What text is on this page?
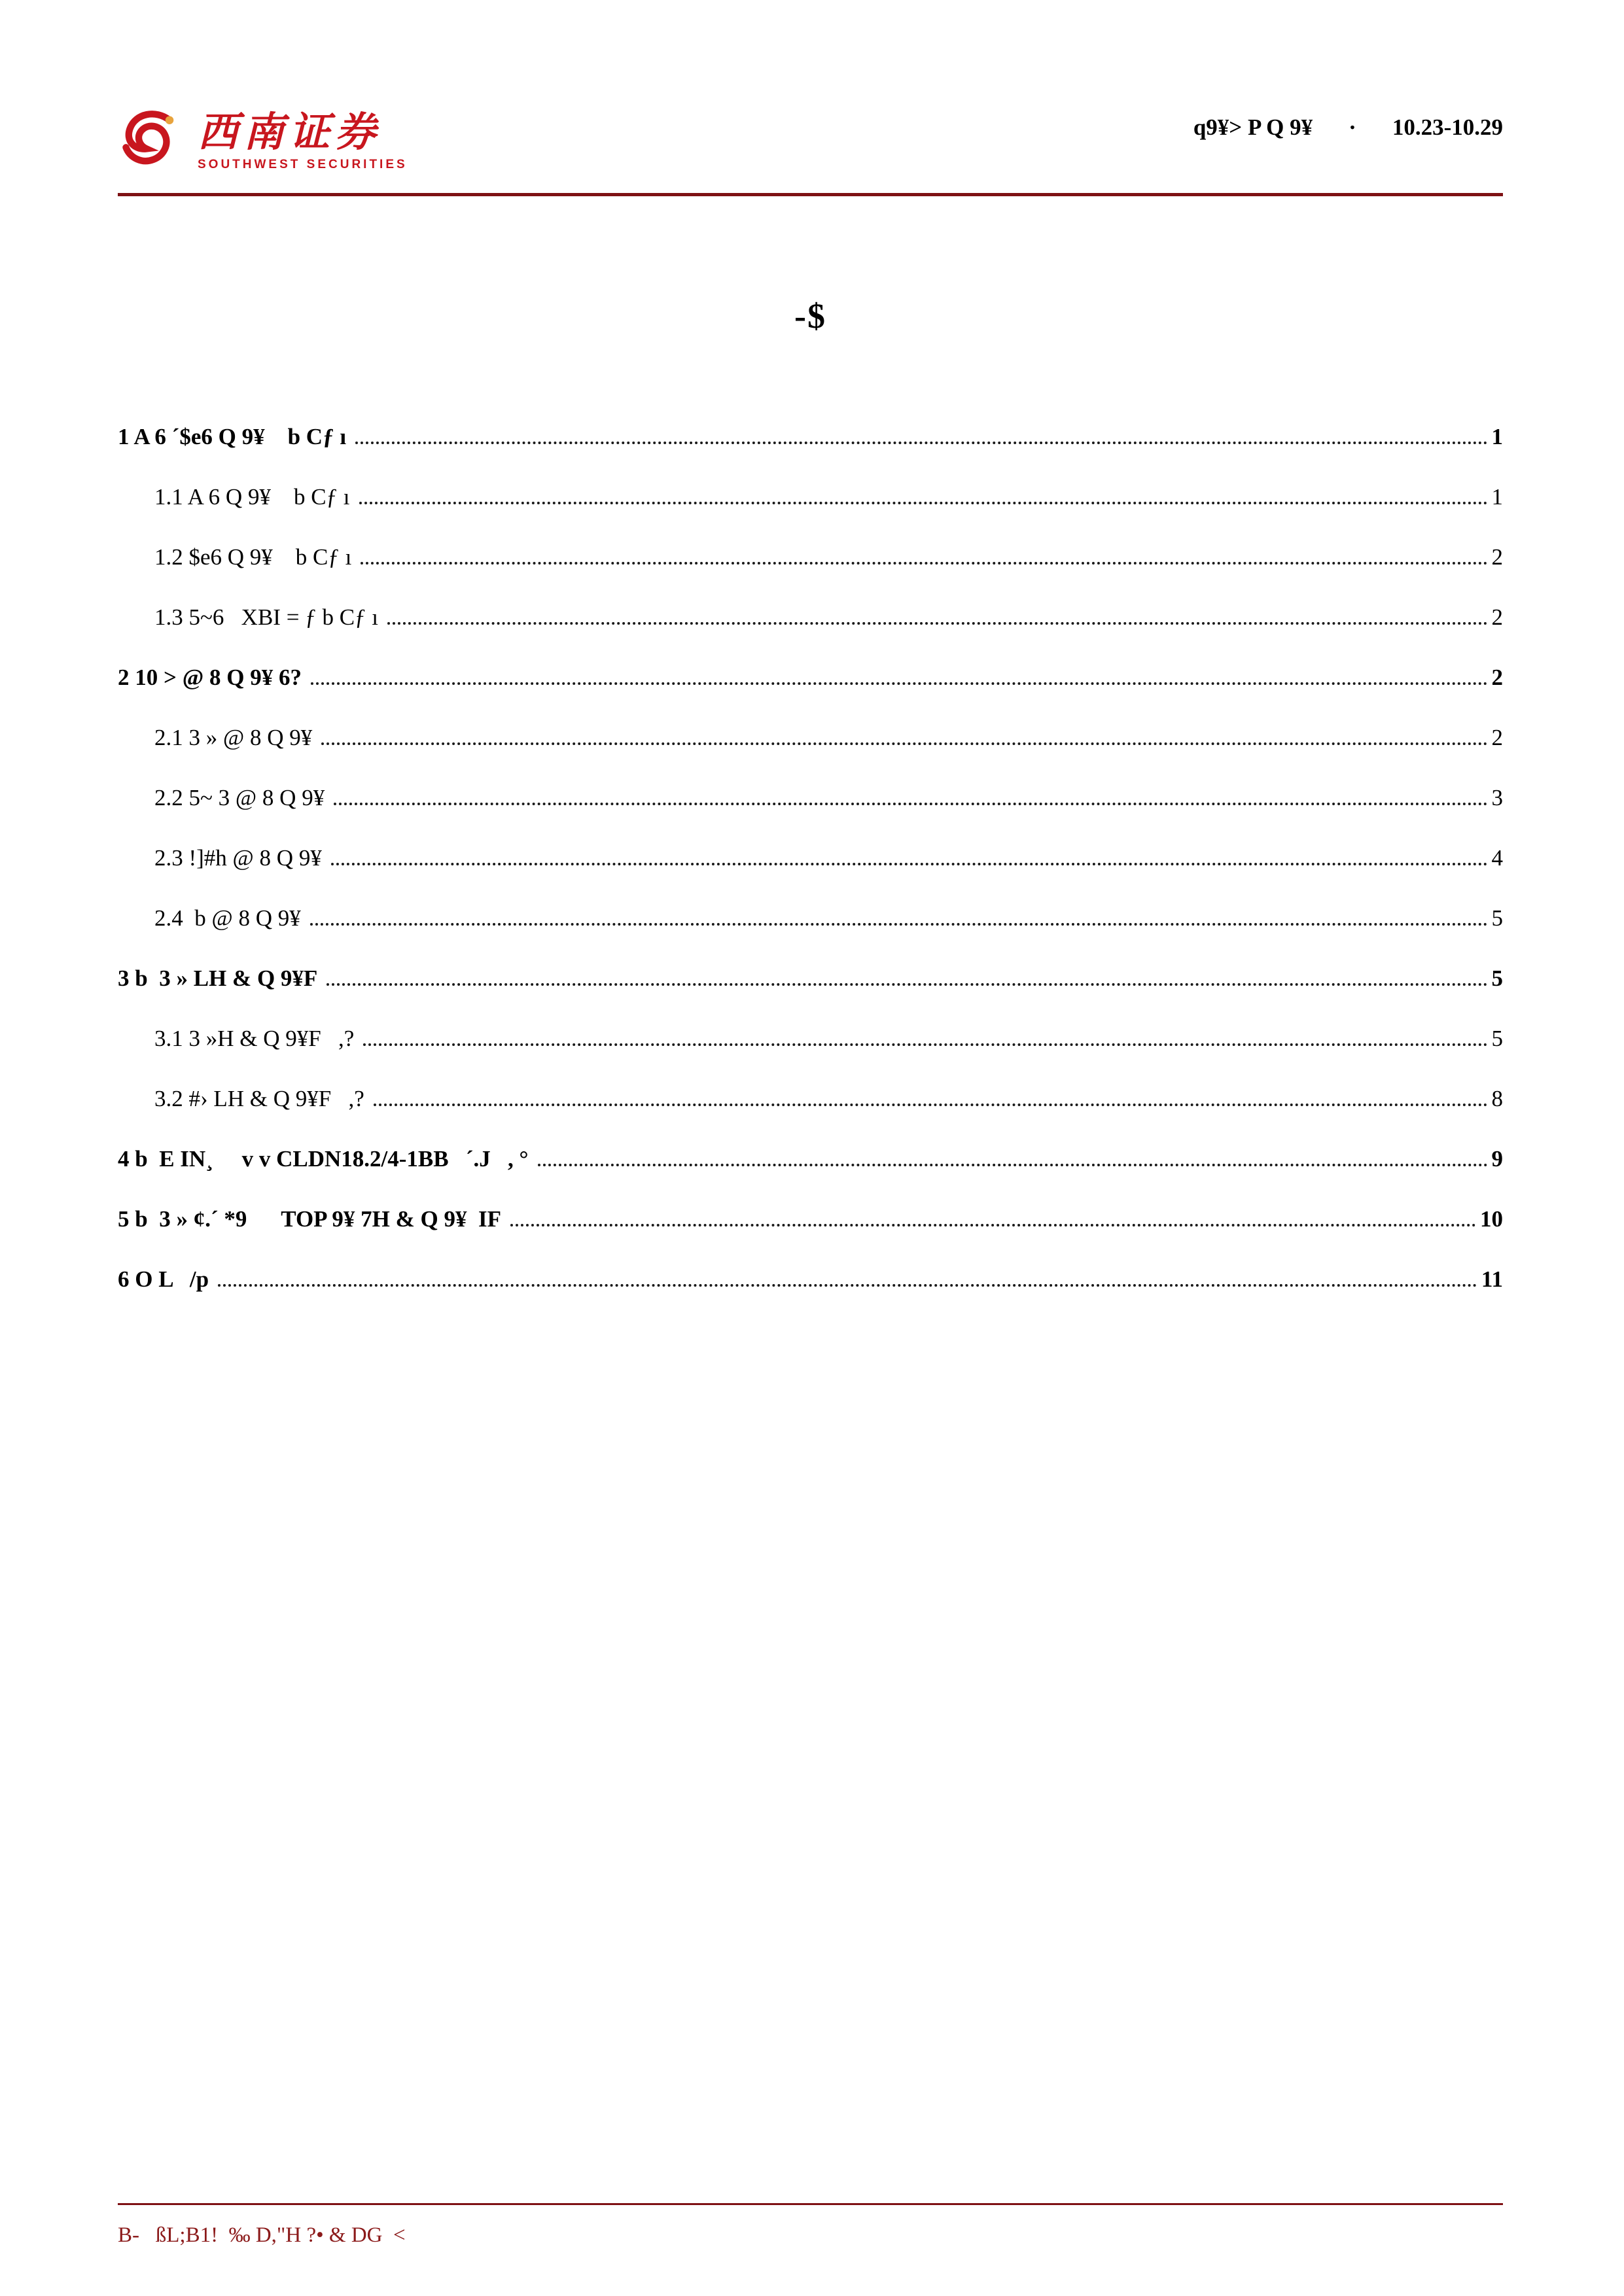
西南证券
SOUTHWEST SECURITIES

q9¥> P Q 9¥ · 10.23-10.29

-$
1 A 6 ´$e6 Q 9¥    b Cƒ ı	1
1.1 A 6 Q 9¥    b Cƒ ı	1
1.2 $e6 Q 9¥    b Cƒ ı	2
1.3 5~6   XBI = ƒ b Cƒ ı	2
2 10 > @ 8 Q 9¥ 6?	2
2.1 3 » @ 8 Q 9¥	2
2.2 5~ 3 @ 8 Q 9¥	3
2.3 !]#h @ 8 Q 9¥	4
2.4  b @ 8 Q 9¥	5
3 b  3 » LH & Q 9¥F	5
3.1 3 »H & Q 9¥F   ,?	5
3.2 #› LH & Q 9¥F   ,?	8
4 b  E IN¸     v v CLDN18.2/4-1BB   ´.J   , °	9
5 b  3 » ¢.´ *9      TOP 9¥ 7H & Q 9¥  IF	10
6 O L   /p	11
B-   ßL;B1!  ‰ D,"H ?• & DG  <
